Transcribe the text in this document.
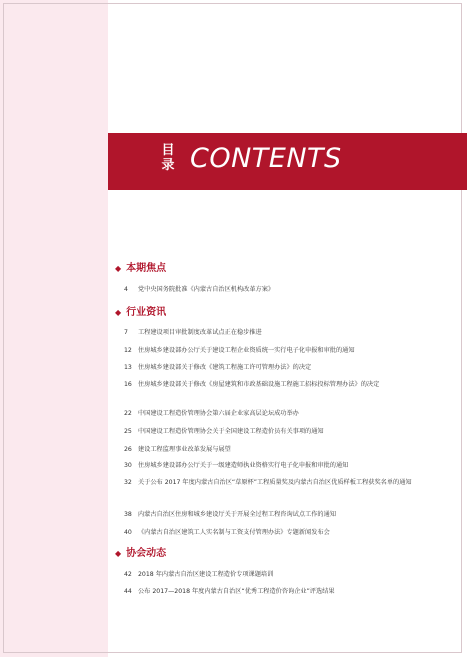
目
录 CONTENTS
◆ 本期焦点
4 党中央国务院批准《内蒙古自治区机构改革方案》
◆ 行业资讯
7 工程建设项目审批制度改革试点正在稳步推进
12 住房城乡建设部办公厅关于建设工程企业资质统一实行电子化申报和审批的通知
13 住房城乡建设部关于修改《建筑工程施工许可管理办法》的决定
16 住房城乡建设部关于修改《房屋建筑和市政基础设施工程施工招标投标管理办法》的决定
22 中国建设工程造价管理协会第六届企业家高层论坛成功举办
25 中国建设工程造价管理协会关于全国建设工程造价员有关事项的通知
26 建设工程监理事业改革发展与展望
30 住房城乡建设部办公厅关于一级建造师执业资格实行电子化申报和审批的通知
32 关于公布 2017 年度内蒙古自治区“草原杯”工程质量奖及内蒙古自治区优质样板工程获奖名单的通知
38 内蒙古自治区住房和城乡建设厅关于开展全过程工程咨询试点工作的通知
40 《内蒙古自治区建筑工人实名制与工资支付管理办法》专题新闻发布会
◆ 协会动态
42 2018 年内蒙古自治区建设工程造价专项课题培训
44 公布 2017—2018 年度内蒙古自治区“优秀工程造价咨询企业”评选结果
